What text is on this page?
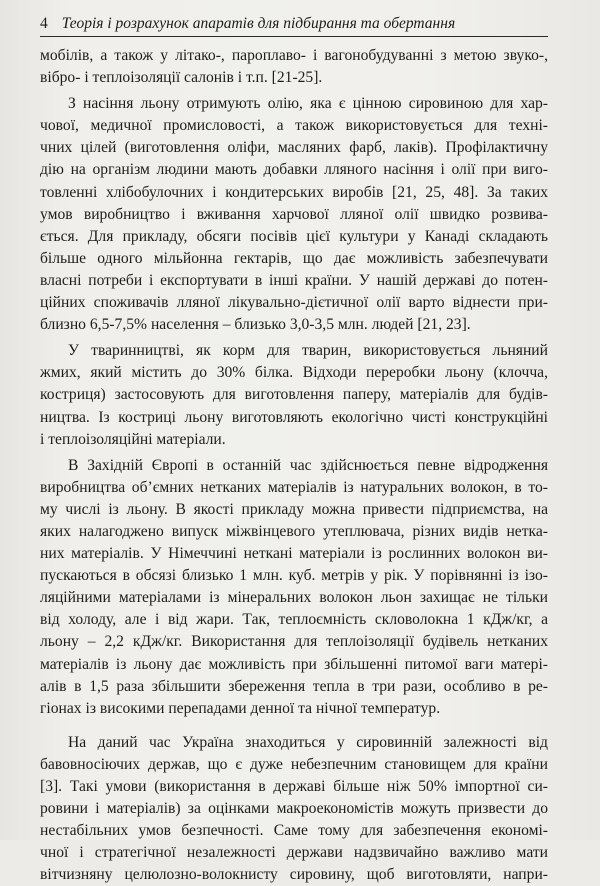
4 Теорія і розрахунок апаратів для підбирання та обертання

мобілів, а також у літако-, пароплаво- і вагонобудуванні з метою звуко-,
вібро- і теплоізоляції салонів і т.п. [21-25].

З насіння льону отримують олію, яка є цінною сировиною для хар-
чової, медичної промисловості, а також використовується для техні-
чних цілей (виготовлення оліфи, масляних фарб, лаків). Профілактичну
дію на організм людини мають добавки лляного насіння і олії при виго-
товленні хлібобулочних і кондитерських виробів [21, 25, 48]. За таких
умов виробництво і вживання харчової лляної олії швидко розвива-
ється. Для прикладу, обсяги посівів цієї культури у Канаді складають
більше одного мільйонна гектарів, що дає можливість забезпечувати
власні потреби і експортувати в інші країни. У нашій державі до потен-
ційних споживачів лляної лікувально-дієтичної олії варто віднести при-
близно 6,5-7,5% населення – близько 3,0-3,5 млн. людей [21, 23].

У тваринництві, як корм для тварин, використовується льняний
жмих, який містить до 30% білка. Відходи переробки льону (клочча,
костриця) застосовують для виготовлення паперу, матеріалів для будів-
ництва. Із костриці льону виготовляють екологічно чисті конструкційні
і теплоізоляційні матеріали.

В Західній Європі в останній час здійснюється певне відродження
виробництва об’ємних нетканих матеріалів із натуральних волокон, в то-
му числі із льону. В якості прикладу можна привести підприємства, на
яких налагоджено випуск міжвінцевого утеплювача, різних видів нетка-
них матеріалів. У Німеччині неткані матеріали із рослинних волокон ви-
пускаються в обсязі близько 1 млн. куб. метрів у рік. У порівнянні із ізо-
ляційними матеріалами із мінеральних волокон льон захищає не тільки
від холоду, але і від жари. Так, теплоємність скловолокна 1 кДж/кг, а
льону – 2,2 кДж/кг. Використання для теплоізоляції будівель нетканих
матеріалів із льону дає можливість при збільшенні питомої ваги матері-
алів в 1,5 раза збільшити збереження тепла в три рази, особливо в ре-
гіонах із високими перепадами денної та нічної температур.

На даний час Україна знаходиться у сировинній залежності від
бавовносіючих держав, що є дуже небезпечним становищем для країни
[3]. Такі умови (використання в державі більше ніж 50% імпортної си-
ровини і матеріалів) за оцінками макроекономістів можуть призвести до
нестабільних умов безпечності. Саме тому для забезпечення економі-
чної і стратегічної незалежності держави надзвичайно важливо мати
вітчизняну целюлозно-волокнисту сировину, щоб виготовляти, напри-
